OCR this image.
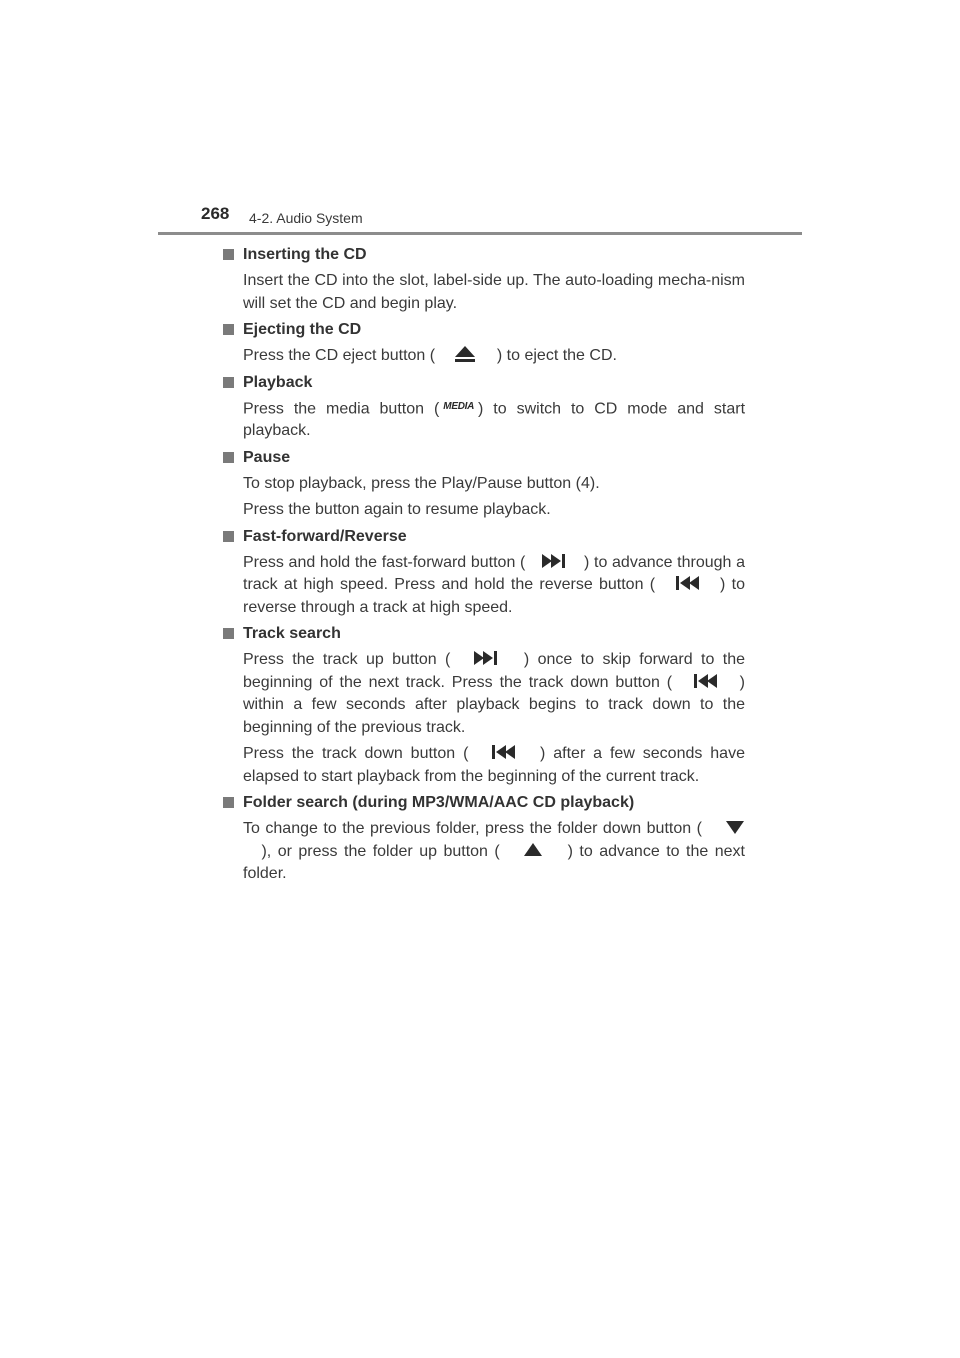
268 4-2. Audio System
Inserting the CD
Insert the CD into the slot, label-side up. The auto-loading mecha-nism will set the CD and begin play.
Ejecting the CD
Press the CD eject button (	) to eject the CD.
Playback
Press the media button ( MEDIA ) to switch to CD mode and start playback.
Pause
To stop playback, press the Play/Pause button (4).
Press the button again to resume playback.
Fast-forward/Reverse
Press and hold the fast-forward button (	) to advance through a track at high speed. Press and hold the reverse button (	) to reverse through a track at high speed.
Track search
Press the track up button (	) once to skip forward to the beginning of the next track. Press the track down button (	) within a few seconds after playback begins to track down to the beginning of the previous track.
Press the track down button (	) after a few seconds have elapsed to start playback from the beginning of the current track.
Folder search (during MP3/WMA/AAC CD playback)
To change to the previous folder, press the folder down button (
), or press the folder up button (	) to advance to the next folder.
